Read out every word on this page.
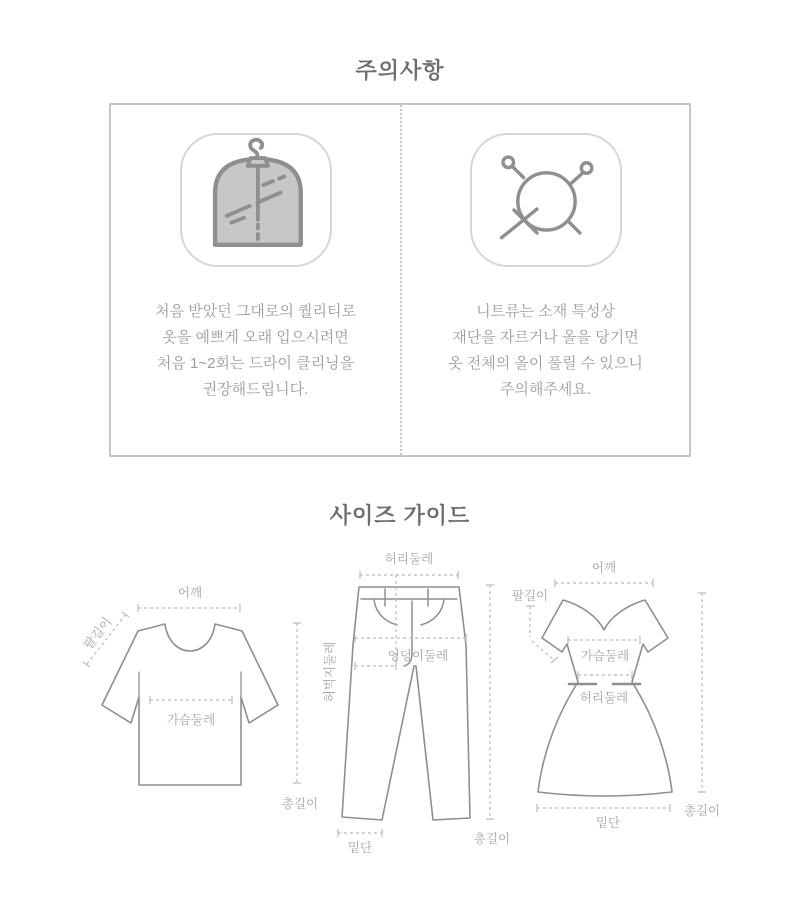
주의사항

처음 받았던 그대로의 퀄리티로

옷을 예쁘게 오래 입으시려면

처음 1~2회는 드라이 클리닝을

권장해드립니다.

니트류는 소재 특성상

재단을 자르거나 올을 당기면

옷 전체의 올이 풀릴 수 있으니

주의해주세요.

사이즈 가이드
어깨
팔길이
가슴둘레
총길이
허리둘레
엉덩이둘레
허벅지둘레
밑단
총길이
어깨
팔길이
가슴둘레
허리둘레
밑단
총길이
